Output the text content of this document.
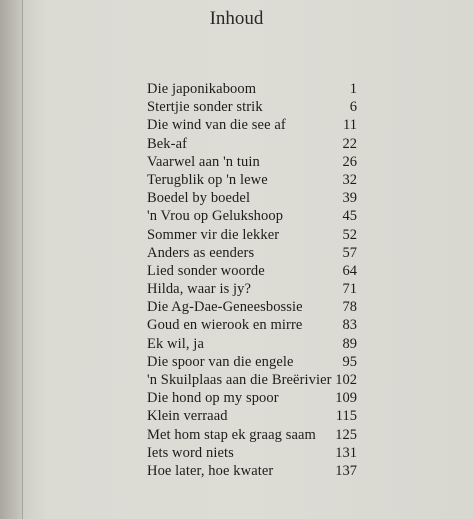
Inhoud
Die japonikaboom	1
Stertjie sonder strik	6
Die wind van die see af	11
Bek-af	22
Vaarwel aan 'n tuin	26
Terugblik op 'n lewe	32
Boedel by boedel	39
'n Vrou op Gelukshoop	45
Sommer vir die lekker	52
Anders as eenders	57
Lied sonder woorde	64
Hilda, waar is jy?	71
Die Ag-Dae-Geneesbossie	78
Goud en wierook en mirre	83
Ek wil, ja	89
Die spoor van die engele	95
'n Skuilplaas aan die Breërivier 102
Die hond op my spoor	109
Klein verraad	115
Met hom stap ek graag saam 125
Iets word niets	131
Hoe later, hoe kwater	137
